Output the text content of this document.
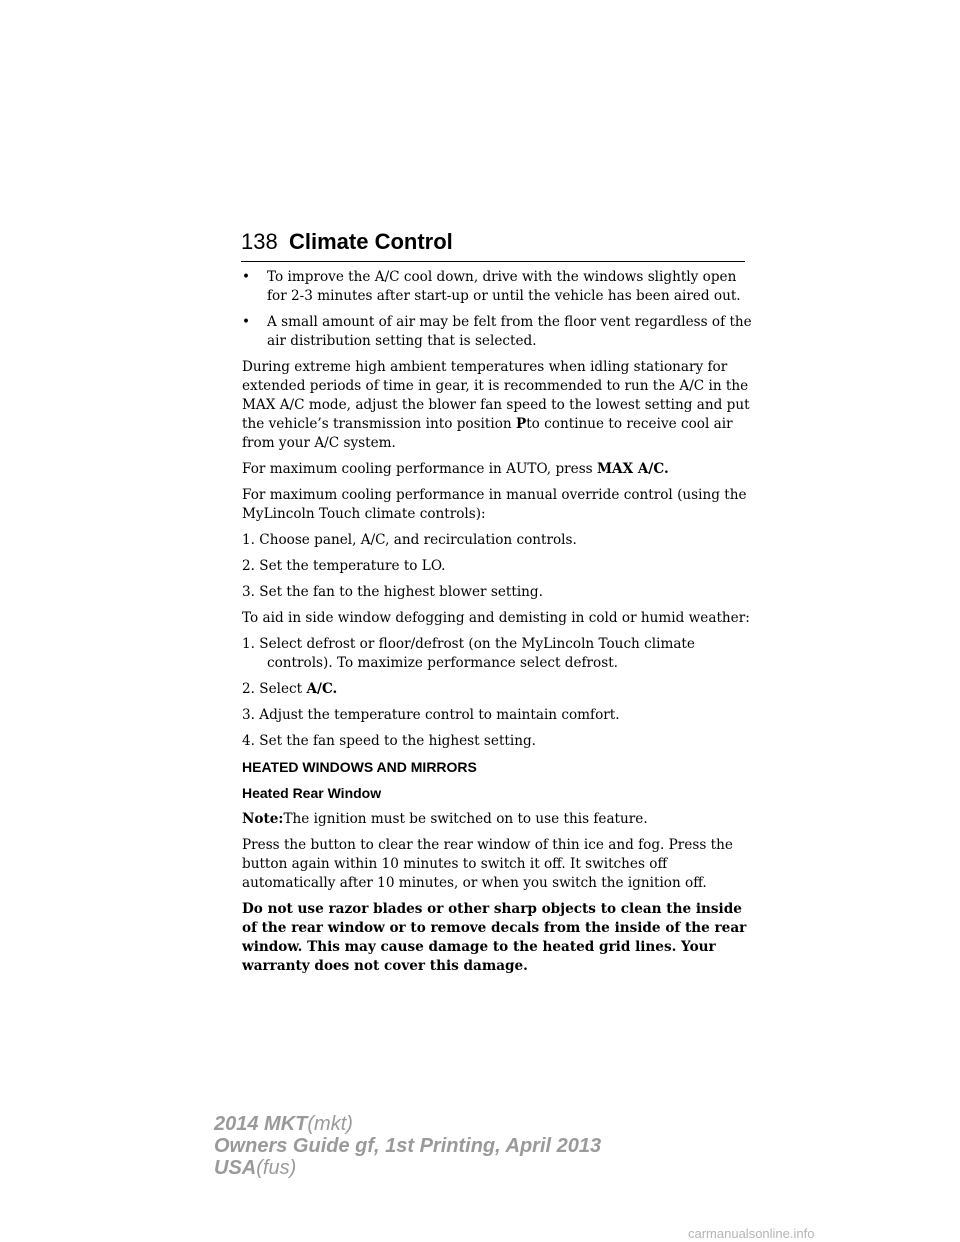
138 Climate Control

• To improve the A/C cool down, drive with the windows slightly open for 2-3 minutes after start-up or until the vehicle has been aired out.

• A small amount of air may be felt from the floor vent regardless of the air distribution setting that is selected.

During extreme high ambient temperatures when idling stationary for extended periods of time in gear, it is recommended to run the A/C in the MAX A/C mode, adjust the blower fan speed to the lowest setting and put the vehicle’s transmission into position Pto continue to receive cool air from your A/C system.

For maximum cooling performance in AUTO, press MAX A/C.

For maximum cooling performance in manual override control (using the MyLincoln Touch climate controls):

1. Choose panel, A/C, and recirculation controls.

2. Set the temperature to LO.

3. Set the fan to the highest blower setting.

To aid in side window defogging and demisting in cold or humid weather:

1. Select defrost or floor/defrost (on the MyLincoln Touch climate controls). To maximize performance select defrost.

2. Select A/C.

3. Adjust the temperature control to maintain comfort.

4. Set the fan speed to the highest setting.

HEATED WINDOWS AND MIRRORS

Heated Rear Window

Note:The ignition must be switched on to use this feature.

Press the button to clear the rear window of thin ice and fog. Press the button again within 10 minutes to switch it off. It switches off automatically after 10 minutes, or when you switch the ignition off.

Do not use razor blades or other sharp objects to clean the inside of the rear window or to remove decals from the inside of the rear window. This may cause damage to the heated grid lines. Your warranty does not cover this damage.

2014 MKT(mkt)
Owners Guide gf, 1st Printing, April 2013
USA(fus)
carmanualsonline.info
